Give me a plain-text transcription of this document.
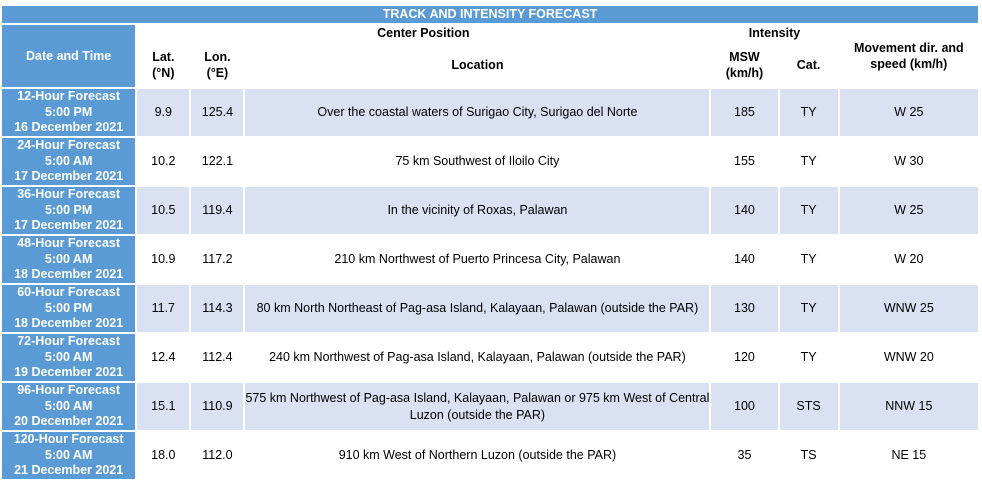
TRACK AND INTENSITY FORECAST						
Date and Time	Center Position			Intensity		Movement dir. and
speed (km/h)

	Lat.
(°N)	Lon.
(°E)	Location	MSW
(km/h)	Cat.	

12-Hour Forecast
5:00 PM
16 December 2021	9.9	125.4	Over the coastal waters of Surigao City, Surigao del Norte	185	TY	W 25

24-Hour Forecast
5:00 AM
17 December 2021	10.2	122.1	75 km Southwest of Iloilo City	155	TY	W 30

36-Hour Forecast
5:00 PM
17 December 2021	10.5	119.4	In the vicinity of Roxas, Palawan	140	TY	W 25

48-Hour Forecast
5:00 AM
18 December 2021	10.9	117.2	210 km Northwest of Puerto Princesa City, Palawan	140	TY	W 20

60-Hour Forecast
5:00 PM
18 December 2021	11.7	114.3	80 km North Northeast of Pag-asa Island, Kalayaan, Palawan (outside the PAR)	130	TY	WNW 25

72-Hour Forecast
5:00 AM
19 December 2021	12.4	112.4	240 km Northwest of Pag-asa Island, Kalayaan, Palawan (outside the PAR)	120	TY	WNW 20

96-Hour Forecast
5:00 AM
20 December 2021	15.1	110.9	575 km Northwest of Pag-asa Island, Kalayaan, Palawan or 975 km West of Central Luzon (outside the PAR)	100	STS	NNW 15

120-Hour Forecast
5:00 AM
21 December 2021	18.0	112.0	910 km West of Northern Luzon (outside the PAR)	35	TS	NE 15
